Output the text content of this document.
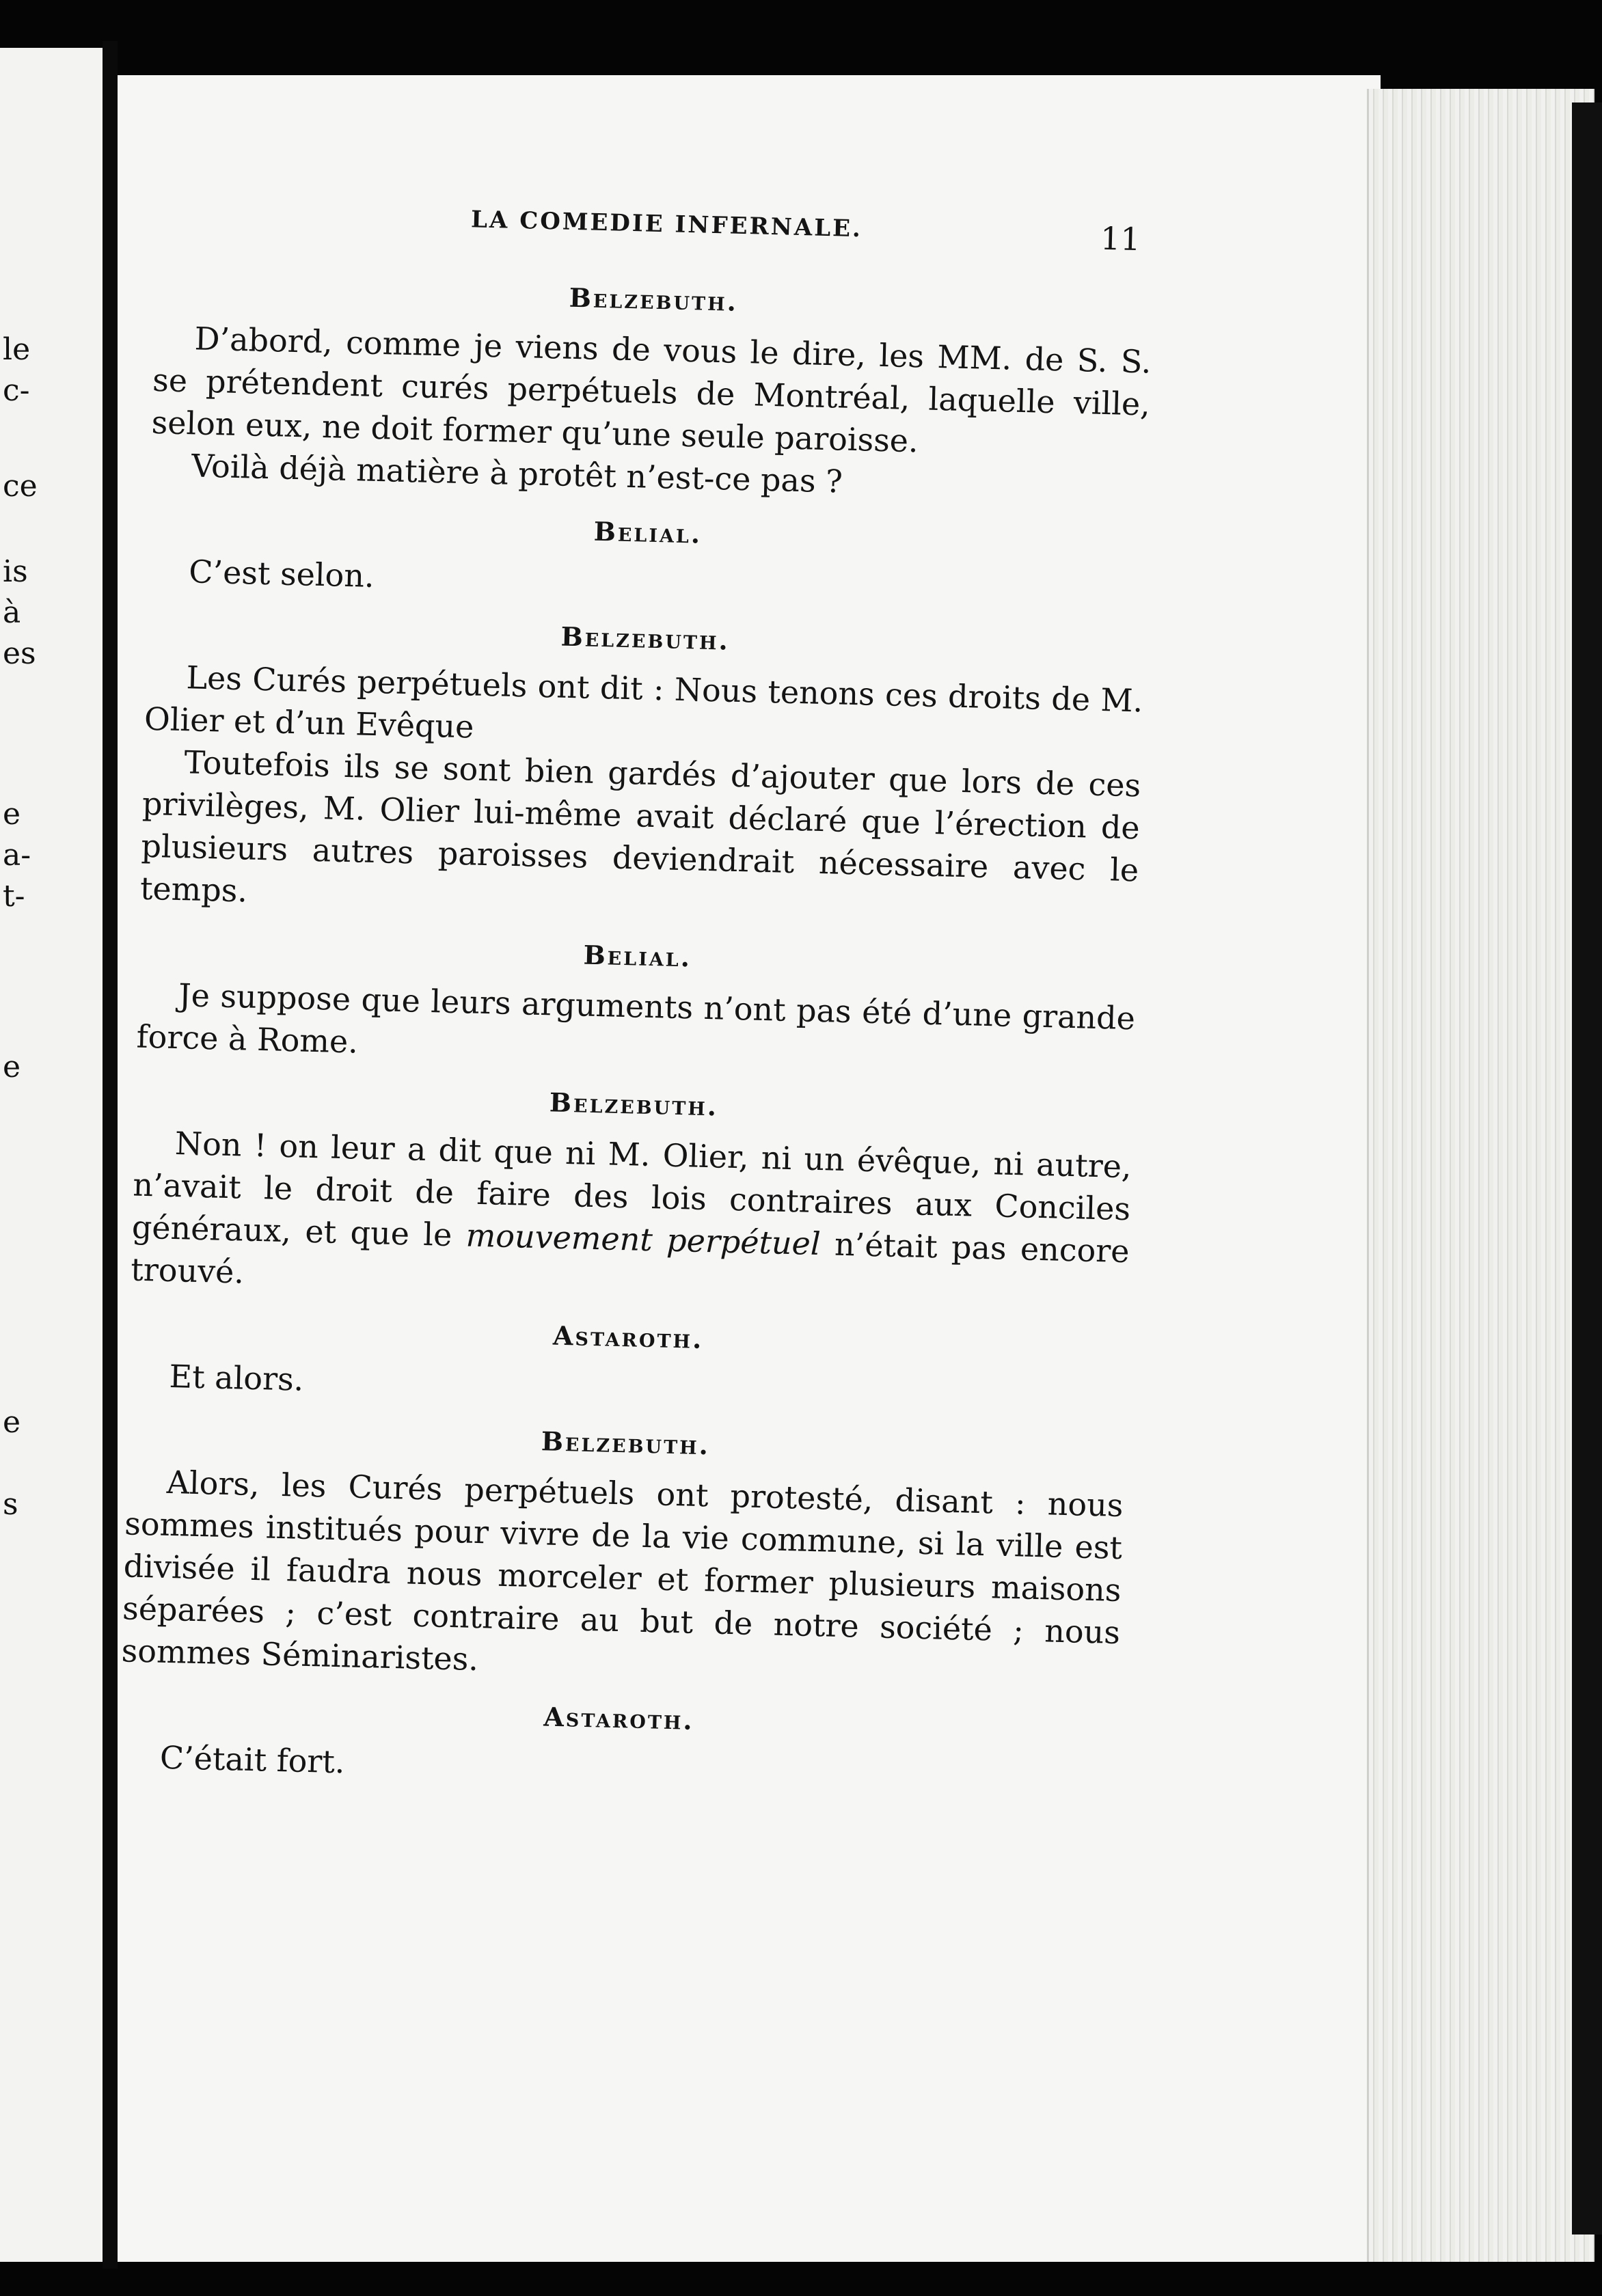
le
c-
ce
is
à
es
e
a-
t-
e
e
s
LA COMEDIE INFERNALE.	11
Belzebuth.

D’abord, comme je viens de vous le dire, les MM. de S. S. se prétendent curés perpétuels de Montréal, laquelle ville, selon eux, ne doit former qu’une seule paroisse.

Voilà déjà matière à protêt n’est-ce pas ?

Belial.

C’est selon.

Belzebuth.

Les Curés perpétuels ont dit : Nous tenons ces droits de M. Olier et d’un Evêque

Toutefois ils se sont bien gardés d’ajouter que lors de ces privilèges, M. Olier lui-même avait déclaré que l’érection de plusieurs autres paroisses deviendrait nécessaire avec le temps.

Belial.

Je suppose que leurs arguments n’ont pas été d’une grande force à Rome.

Belzebuth.

Non ! on leur a dit que ni M. Olier, ni un évêque, ni autre, n’avait le droit de faire des lois contraires aux Conciles généraux, et que le mouvement perpétuel n’était pas encore trouvé.

Astaroth.

Et alors.

Belzebuth.

Alors, les Curés perpétuels ont protesté, disant : nous sommes institués pour vivre de la vie commune, si la ville est divisée il faudra nous morceler et former plusieurs maisons séparées ; c’est contraire au but de notre société ; nous sommes Séminaristes.

Astaroth.

C’était fort.
